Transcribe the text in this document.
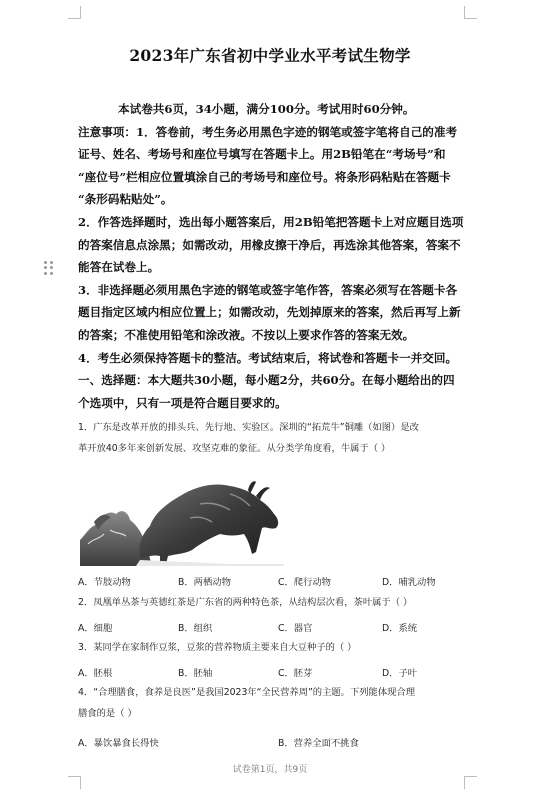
2023年广东省初中学业水平考试生物学
本试卷共6页，34小题，满分100分。考试用时60分钟。
注意事项：1．答卷前，考生务必用黑色字迹的钢笔或签字笔将自己的准考
证号、姓名、考场号和座位号填写在答题卡上。用2B铅笔在“考场号”和
“座位号”栏相应位置填涂自己的考场号和座位号。将条形码粘贴在答题卡
“条形码粘贴处”。
2．作答选择题时，选出每小题答案后，用2B铅笔把答题卡上对应题目选项
的答案信息点涂黑；如需改动，用橡皮擦干净后，再选涂其他答案，答案不
能答在试卷上。
3．非选择题必须用黑色字迹的钢笔或签字笔作答，答案必须写在答题卡各
题目指定区域内相应位置上；如需改动，先划掉原来的答案，然后再写上新
的答案；不准使用铅笔和涂改液。不按以上要求作答的答案无效。
4．考生必须保持答题卡的整洁。考试结束后，将试卷和答题卡一并交回。
一、选择题：本大题共30小题，每小题2分，共60分。在每小题给出的四
个选项中，只有一项是符合题目要求的。
1．广东是改革开放的排头兵、先行地、实验区。深圳的“拓荒牛”铜雕（如图）是改
革开放40多年来创新发展、攻坚克难的象征。从分类学角度看，牛属于（ ）
A．节肢动物	B．两栖动物	C．爬行动物	D．哺乳动物
2．凤凰单丛茶与英德红茶是广东省的两种特色茶，从结构层次看，茶叶属于（ ）
A．细胞	B．组织	C．器官	D．系统
3．某同学在家制作豆浆，豆浆的营养物质主要来自大豆种子的（ ）
A．胚根	B．胚轴	C．胚芽	D．子叶
4．“合理膳食，食养是良医”是我国2023年“全民营养周”的主题。下列能体现合理
膳食的是（ ）
A．暴饮暴食长得快	B．营养全面不挑食
试卷第1页，共9页
